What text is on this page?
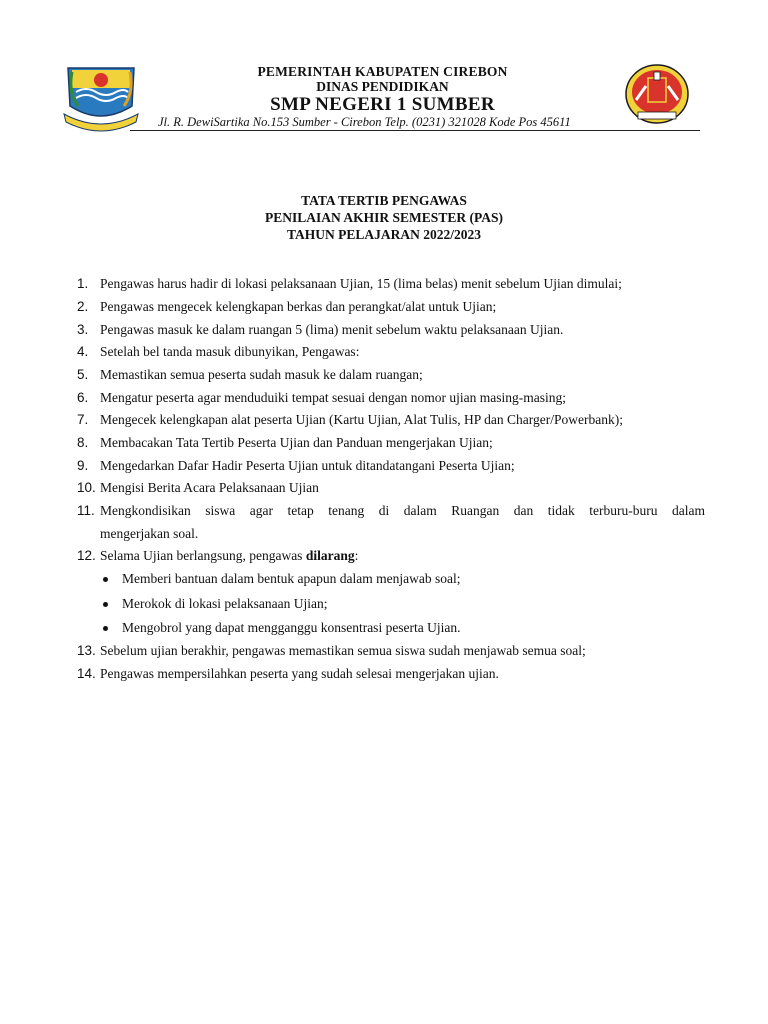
PEMERINTAH KABUPATEN CIREBON

DINAS PENDIDIKAN

SMP NEGERI 1 SUMBER

Jl. R. DewiSartika No.153 Sumber - Cirebon Telp. (0231) 321028 Kode Pos 45611

TATA TERTIB PENGAWAS

PENILAIAN AKHIR SEMESTER (PAS)

TAHUN PELAJARAN 2022/2023

1. Pengawas harus hadir di lokasi pelaksanaan Ujian, 15 (lima belas) menit sebelum Ujian dimulai;
2. Pengawas mengecek kelengkapan berkas dan perangkat/alat untuk Ujian;
3. Pengawas masuk ke dalam ruangan 5 (lima) menit sebelum waktu pelaksanaan Ujian.
4. Setelah bel tanda masuk dibunyikan, Pengawas:
5. Memastikan semua peserta sudah masuk ke dalam ruangan;
6. Mengatur peserta agar menduduiki tempat sesuai dengan nomor ujian masing-masing;
7. Mengecek kelengkapan alat peserta Ujian (Kartu Ujian, Alat Tulis, HP dan Charger/Powerbank);
8. Membacakan Tata Tertib Peserta Ujian dan Panduan mengerjakan Ujian;
9. Mengedarkan Dafar Hadir Peserta Ujian untuk ditandatangani Peserta Ujian;
10. Mengisi Berita Acara Pelaksanaan Ujian
11. Mengkondisikan siswa agar tetap tenang di dalam Ruangan dan tidak terburu-buru dalam
mengerjakan soal.
12. Selama Ujian berlangsung, pengawas dilarang:
Memberi bantuan dalam bentuk apapun dalam menjawab soal;
Merokok di lokasi pelaksanaan Ujian;
Mengobrol yang dapat mengganggu konsentrasi peserta Ujian.
13. Sebelum ujian berakhir, pengawas memastikan semua siswa sudah menjawab semua soal;
14. Pengawas mempersilahkan peserta yang sudah selesai mengerjakan ujian.
